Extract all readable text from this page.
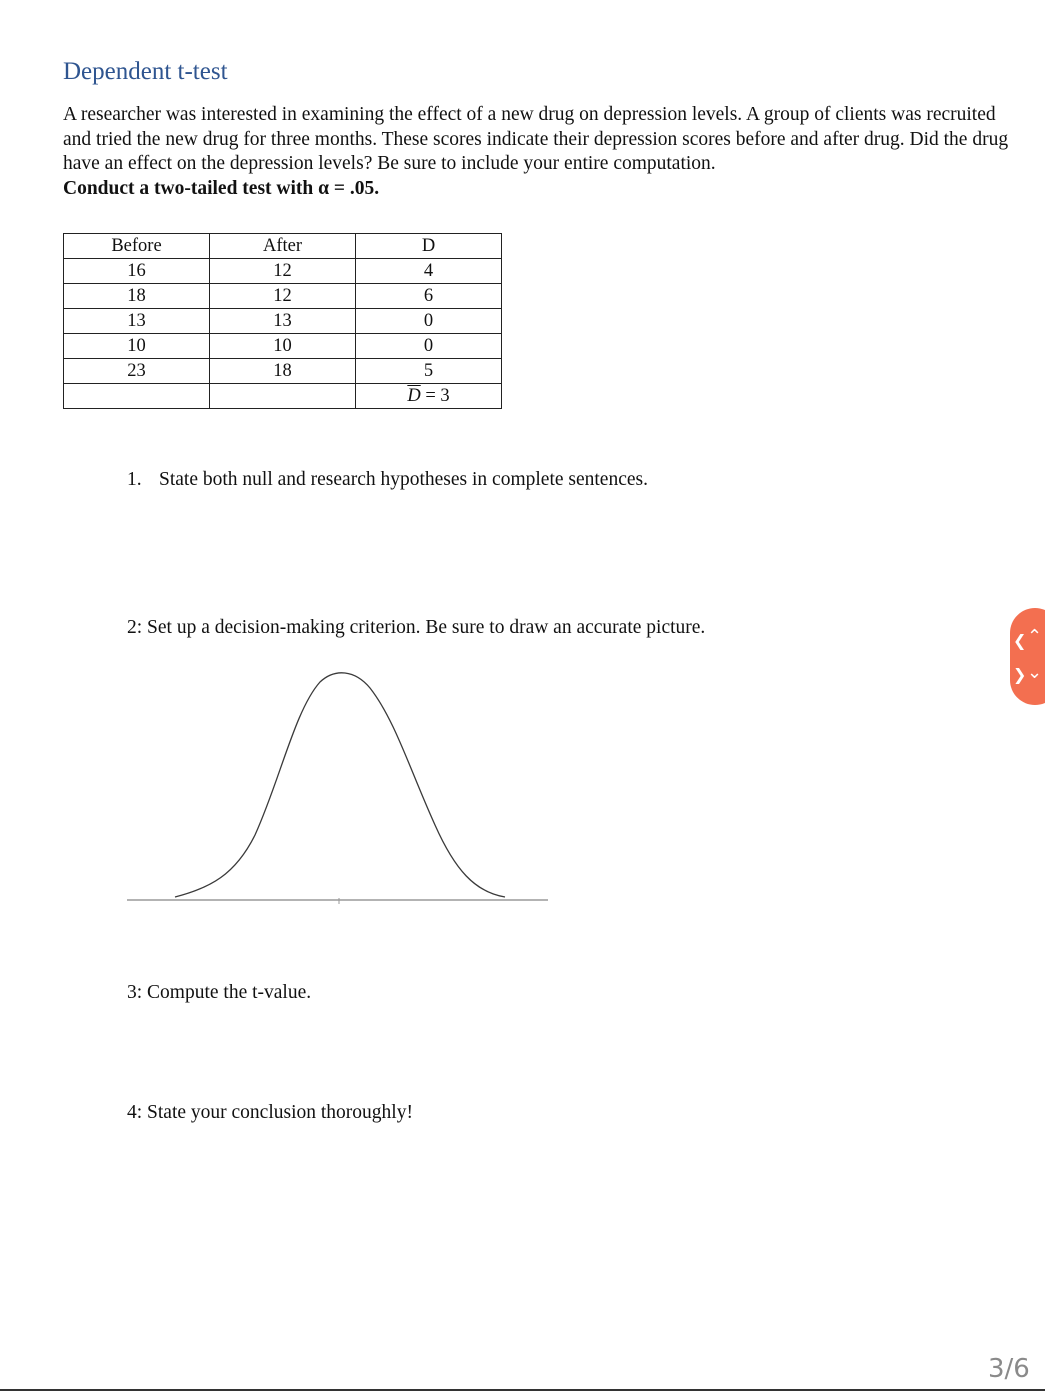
Dependent t-test

A researcher was interested in examining the effect of a new drug on depression levels. A group of clients was recruited and tried the new drug for three months. These scores indicate their depression scores before and after drug. Did the drug have an effect on the depression levels? Be sure to include your entire computation.
Conduct a two-tailed test with α = .05.

Before	After	D
16	12	4
18	12	6
13	13	0
10	10	0
23	18	5
		$\overline{D} = 3$

1. State both null and research hypotheses in complete sentences.

2: Set up a decision-making criterion. Be sure to draw an accurate picture.

3: Compute the t-value.

4: State your conclusion thoroughly!

❮ ⌃
❯ ⌄
3/6
